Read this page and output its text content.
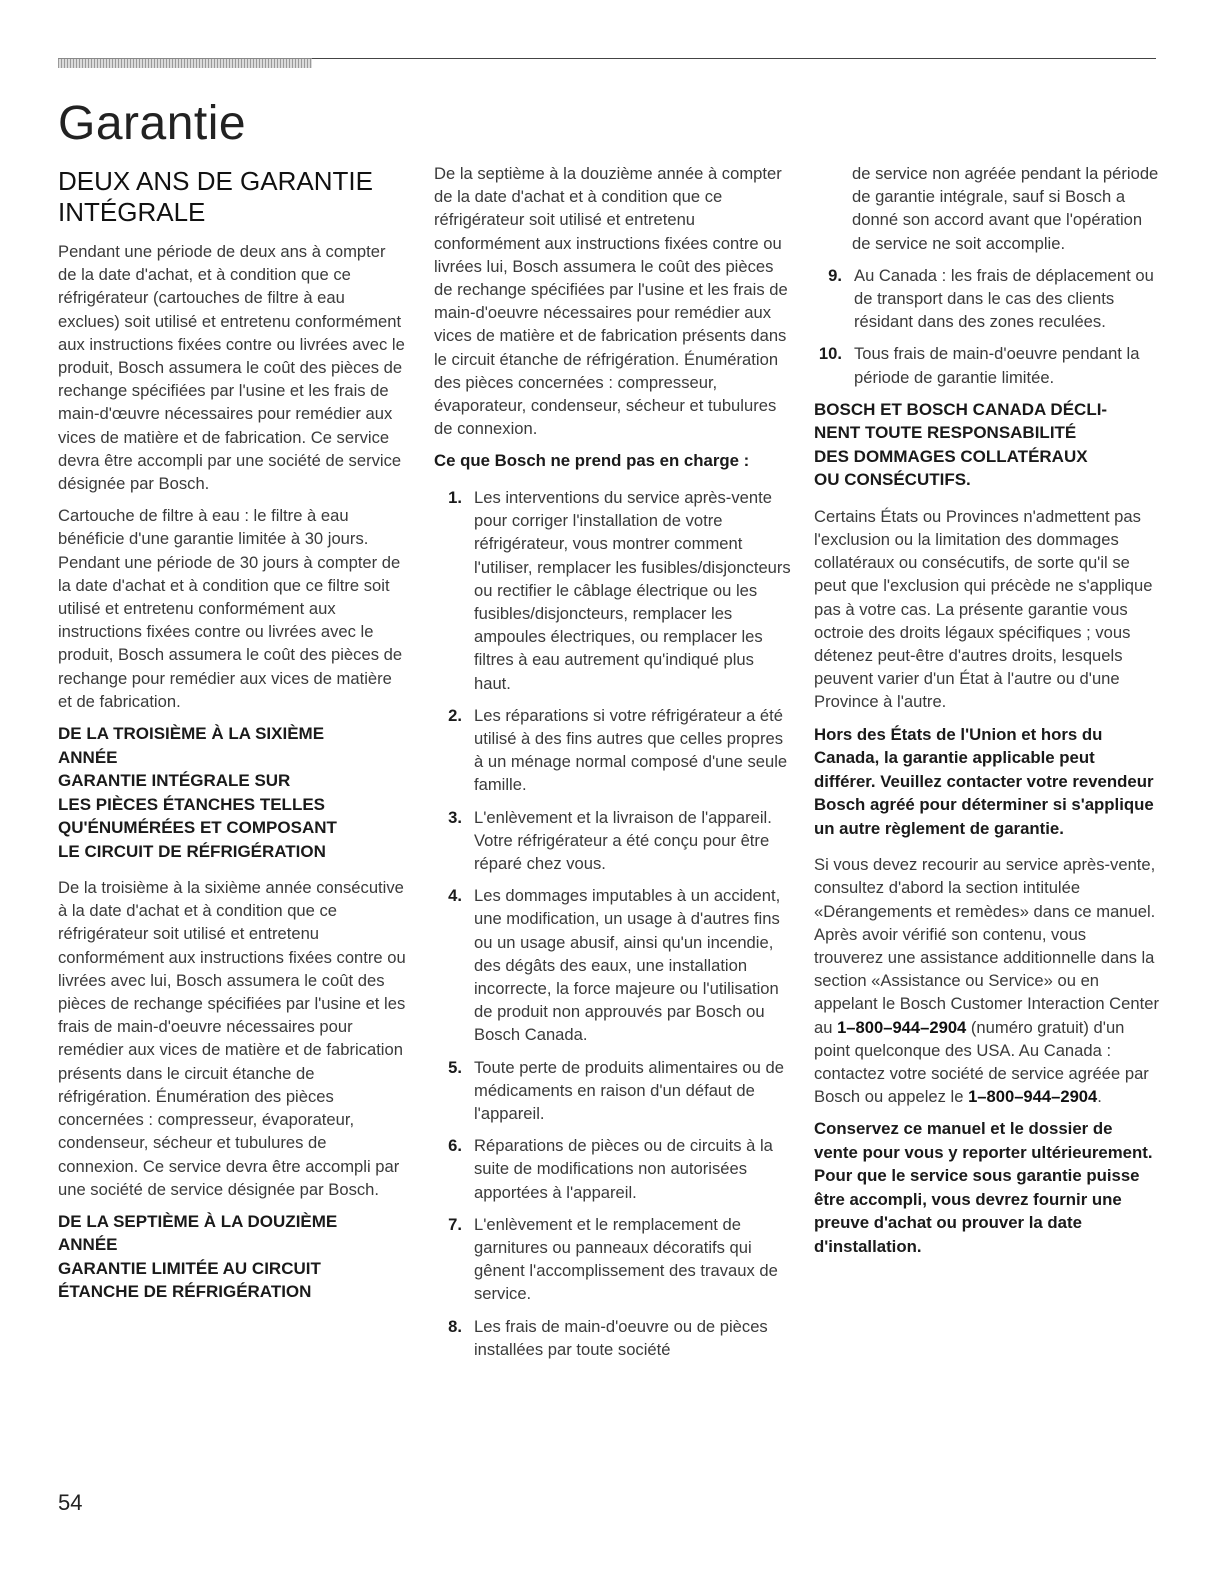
Garantie
DEUX ANS DE GARANTIE INTÉGRALE

Pendant une période de deux ans à compter de la date d'achat, et à condition que ce réfrigérateur (cartouches de filtre à eau exclues) soit utilisé et entretenu conformément aux instructions fixées contre ou livrées avec le produit, Bosch assumera le coût des pièces de rechange spécifiées par l'usine et les frais de main-d'œuvre nécessaires pour remédier aux vices de matière et de fabrication. Ce service devra être accompli par une société de service désignée par Bosch.

Cartouche de filtre à eau : le filtre à eau bénéficie d'une garantie limitée à 30 jours. Pendant une période de 30 jours à compter de la date d'achat et à condition que ce filtre soit utilisé et entretenu conformément aux instructions fixées contre ou livrées avec le produit, Bosch assumera le coût des pièces de rechange pour remédier aux vices de matière et de fabrication.

DE LA TROISIÈME À LA SIXIÈME
ANNÉE
GARANTIE INTÉGRALE SUR
LES PIÈCES ÉTANCHES TELLES
QU'ÉNUMÉRÉES ET COMPOSANT
LE CIRCUIT DE RÉFRIGÉRATION

De la troisième à la sixième année consécutive à la date d'achat et à condition que ce réfrigérateur soit utilisé et entretenu conformément aux instructions fixées contre ou livrées avec lui, Bosch assumera le coût des pièces de rechange spécifiées par l'usine et les frais de main-d'oeuvre nécessaires pour remédier aux vices de matière et de fabrication présents dans le circuit étanche de réfrigération. Énumération des pièces concernées : compresseur, évaporateur, condenseur, sécheur et tubulures de connexion. Ce service devra être accompli par une société de service désignée par Bosch.

DE LA SEPTIÈME À LA DOUZIÈME
ANNÉE
GARANTIE LIMITÉE AU CIRCUIT
ÉTANCHE DE RÉFRIGÉRATION

De la septième à la douzième année à compter de la date d'achat et à condition que ce réfrigérateur soit utilisé et entretenu conformément aux instructions fixées contre ou livrées lui, Bosch assumera le coût des pièces de rechange spécifiées par l'usine et les frais de main-d'oeuvre nécessaires pour remédier aux vices de matière et de fabrication présents dans le circuit étanche de réfrigération. Énumération des pièces concernées : compresseur, évaporateur, condenseur, sécheur et tubulures de connexion.

Ce que Bosch ne prend pas en charge :
1. Les interventions du service après-vente pour corriger l'installation de votre réfrigérateur, vous montrer comment l'utiliser, remplacer les fusibles/disjoncteurs ou rectifier le câblage électrique ou les fusibles/disjoncteurs, remplacer les ampoules électriques, ou remplacer les filtres à eau autrement qu'indiqué plus haut.
2. Les réparations si votre réfrigérateur a été utilisé à des fins autres que celles propres à un ménage normal composé d'une seule famille.
3. L'enlèvement et la livraison de l'appareil. Votre réfrigérateur a été conçu pour être réparé chez vous.
4. Les dommages imputables à un accident, une modification, un usage à d'autres fins ou un usage abusif, ainsi qu'un incendie, des dégâts des eaux, une installation incorrecte, la force majeure ou l'utilisation de produit non approuvés par Bosch ou Bosch Canada.
5. Toute perte de produits alimentaires ou de médicaments en raison d'un défaut de l'appareil.
6. Réparations de pièces ou de circuits à la suite de modifications non autorisées apportées à l'appareil.
7. L'enlèvement et le remplacement de garnitures ou panneaux décoratifs qui gênent l'accomplissement des travaux de service.
8. Les frais de main-d'oeuvre ou de pièces installées par toute société

de service non agréée pendant la période de garantie intégrale, sauf si Bosch a donné son accord avant que l'opération de service ne soit accomplie.

9. Au Canada : les frais de déplacement ou de transport dans le cas des clients résidant dans des zones reculées.
10. Tous frais de main-d'oeuvre pendant la période de garantie limitée.
BOSCH ET BOSCH CANADA DÉCLI-
NENT TOUTE RESPONSABILITÉ
DES DOMMAGES COLLATÉRAUX
OU CONSÉCUTIFS.

Certains États ou Provinces n'admettent pas l'exclusion ou la limitation des dommages collatéraux ou consécutifs, de sorte qu'il se peut que l'exclusion qui précède ne s'applique pas à votre cas. La présente garantie vous octroie des droits légaux spécifiques ; vous détenez peut-être d'autres droits, lesquels peuvent varier d'un État à l'autre ou d'une Province à l'autre.

Hors des États de l'Union et hors du Canada, la garantie applicable peut différer. Veuillez contacter votre revendeur Bosch agréé pour déterminer si s'applique un autre règlement de garantie.

Si vous devez recourir au service après-vente, consultez d'abord la section intitulée «Dérangements et remèdes» dans ce manuel. Après avoir vérifié son contenu, vous trouverez une assistance additionnelle dans la section «Assistance ou Service» ou en appelant le Bosch Customer Interaction Center au 1–800–944–2904 (numéro gratuit) d'un point quelconque des USA. Au Canada : contactez votre société de service agréée par Bosch ou appelez le 1–800–944–2904.

Conservez ce manuel et le dossier de vente pour vous y reporter ultérieurement. Pour que le service sous garantie puisse être accompli, vous devrez fournir une preuve d'achat ou prouver la date d'installation.

54
